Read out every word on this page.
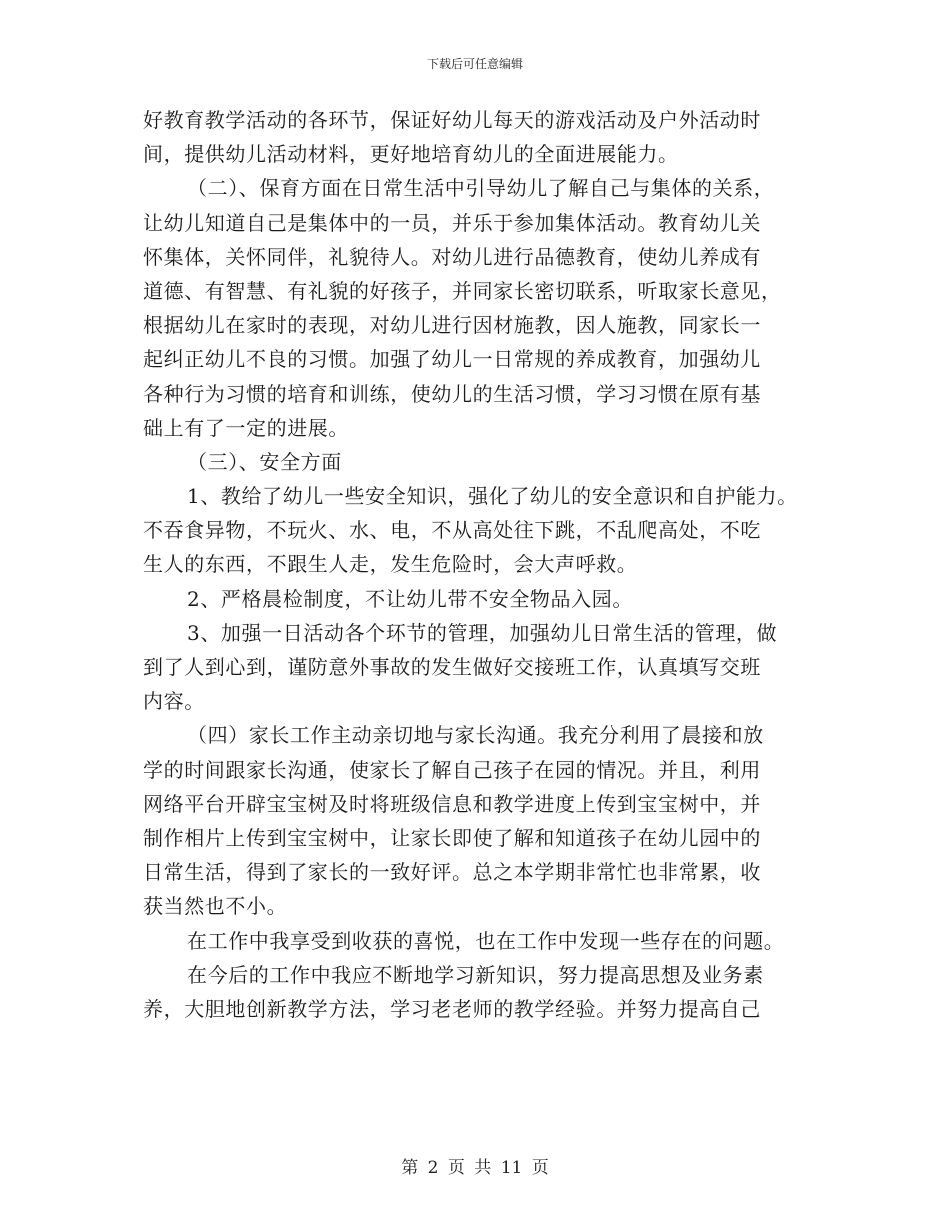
下载后可任意编辑
好教育教学活动的各环节，保证好幼儿每天的游戏活动及户外活动时
间，提供幼儿活动材料，更好地培育幼儿的全面进展能力。
（二）、保育方面在日常生活中引导幼儿了解自己与集体的关系，
让幼儿知道自己是集体中的一员，并乐于参加集体活动。教育幼儿关
怀集体，关怀同伴，礼貌待人。对幼儿进行品德教育，使幼儿养成有
道德、有智慧、有礼貌的好孩子，并同家长密切联系，听取家长意见，
根据幼儿在家时的表现，对幼儿进行因材施教，因人施教，同家长一
起纠正幼儿不良的习惯。加强了幼儿一日常规的养成教育，加强幼儿
各种行为习惯的培育和训练，使幼儿的生活习惯，学习习惯在原有基
础上有了一定的进展。
（三）、安全方面
1、教给了幼儿一些安全知识，强化了幼儿的安全意识和自护能力。
不吞食异物，不玩火、水、电，不从高处往下跳，不乱爬高处，不吃
生人的东西，不跟生人走，发生危险时，会大声呼救。
2、严格晨检制度，不让幼儿带不安全物品入园。
3、加强一日活动各个环节的管理，加强幼儿日常生活的管理，做
到了人到心到，谨防意外事故的发生做好交接班工作，认真填写交班
内容。
（四）家长工作主动亲切地与家长沟通。我充分利用了晨接和放
学的时间跟家长沟通，使家长了解自己孩子在园的情况。并且，利用
网络平台开辟宝宝树及时将班级信息和教学进度上传到宝宝树中，并
制作相片上传到宝宝树中，让家长即使了解和知道孩子在幼儿园中的
日常生活，得到了家长的一致好评。总之本学期非常忙也非常累，收
获当然也不小。
在工作中我享受到收获的喜悦，也在工作中发现一些存在的问题。
在今后的工作中我应不断地学习新知识，努力提高思想及业务素
养，大胆地创新教学方法，学习老老师的教学经验。并努力提高自己
第 2 页 共 11 页
